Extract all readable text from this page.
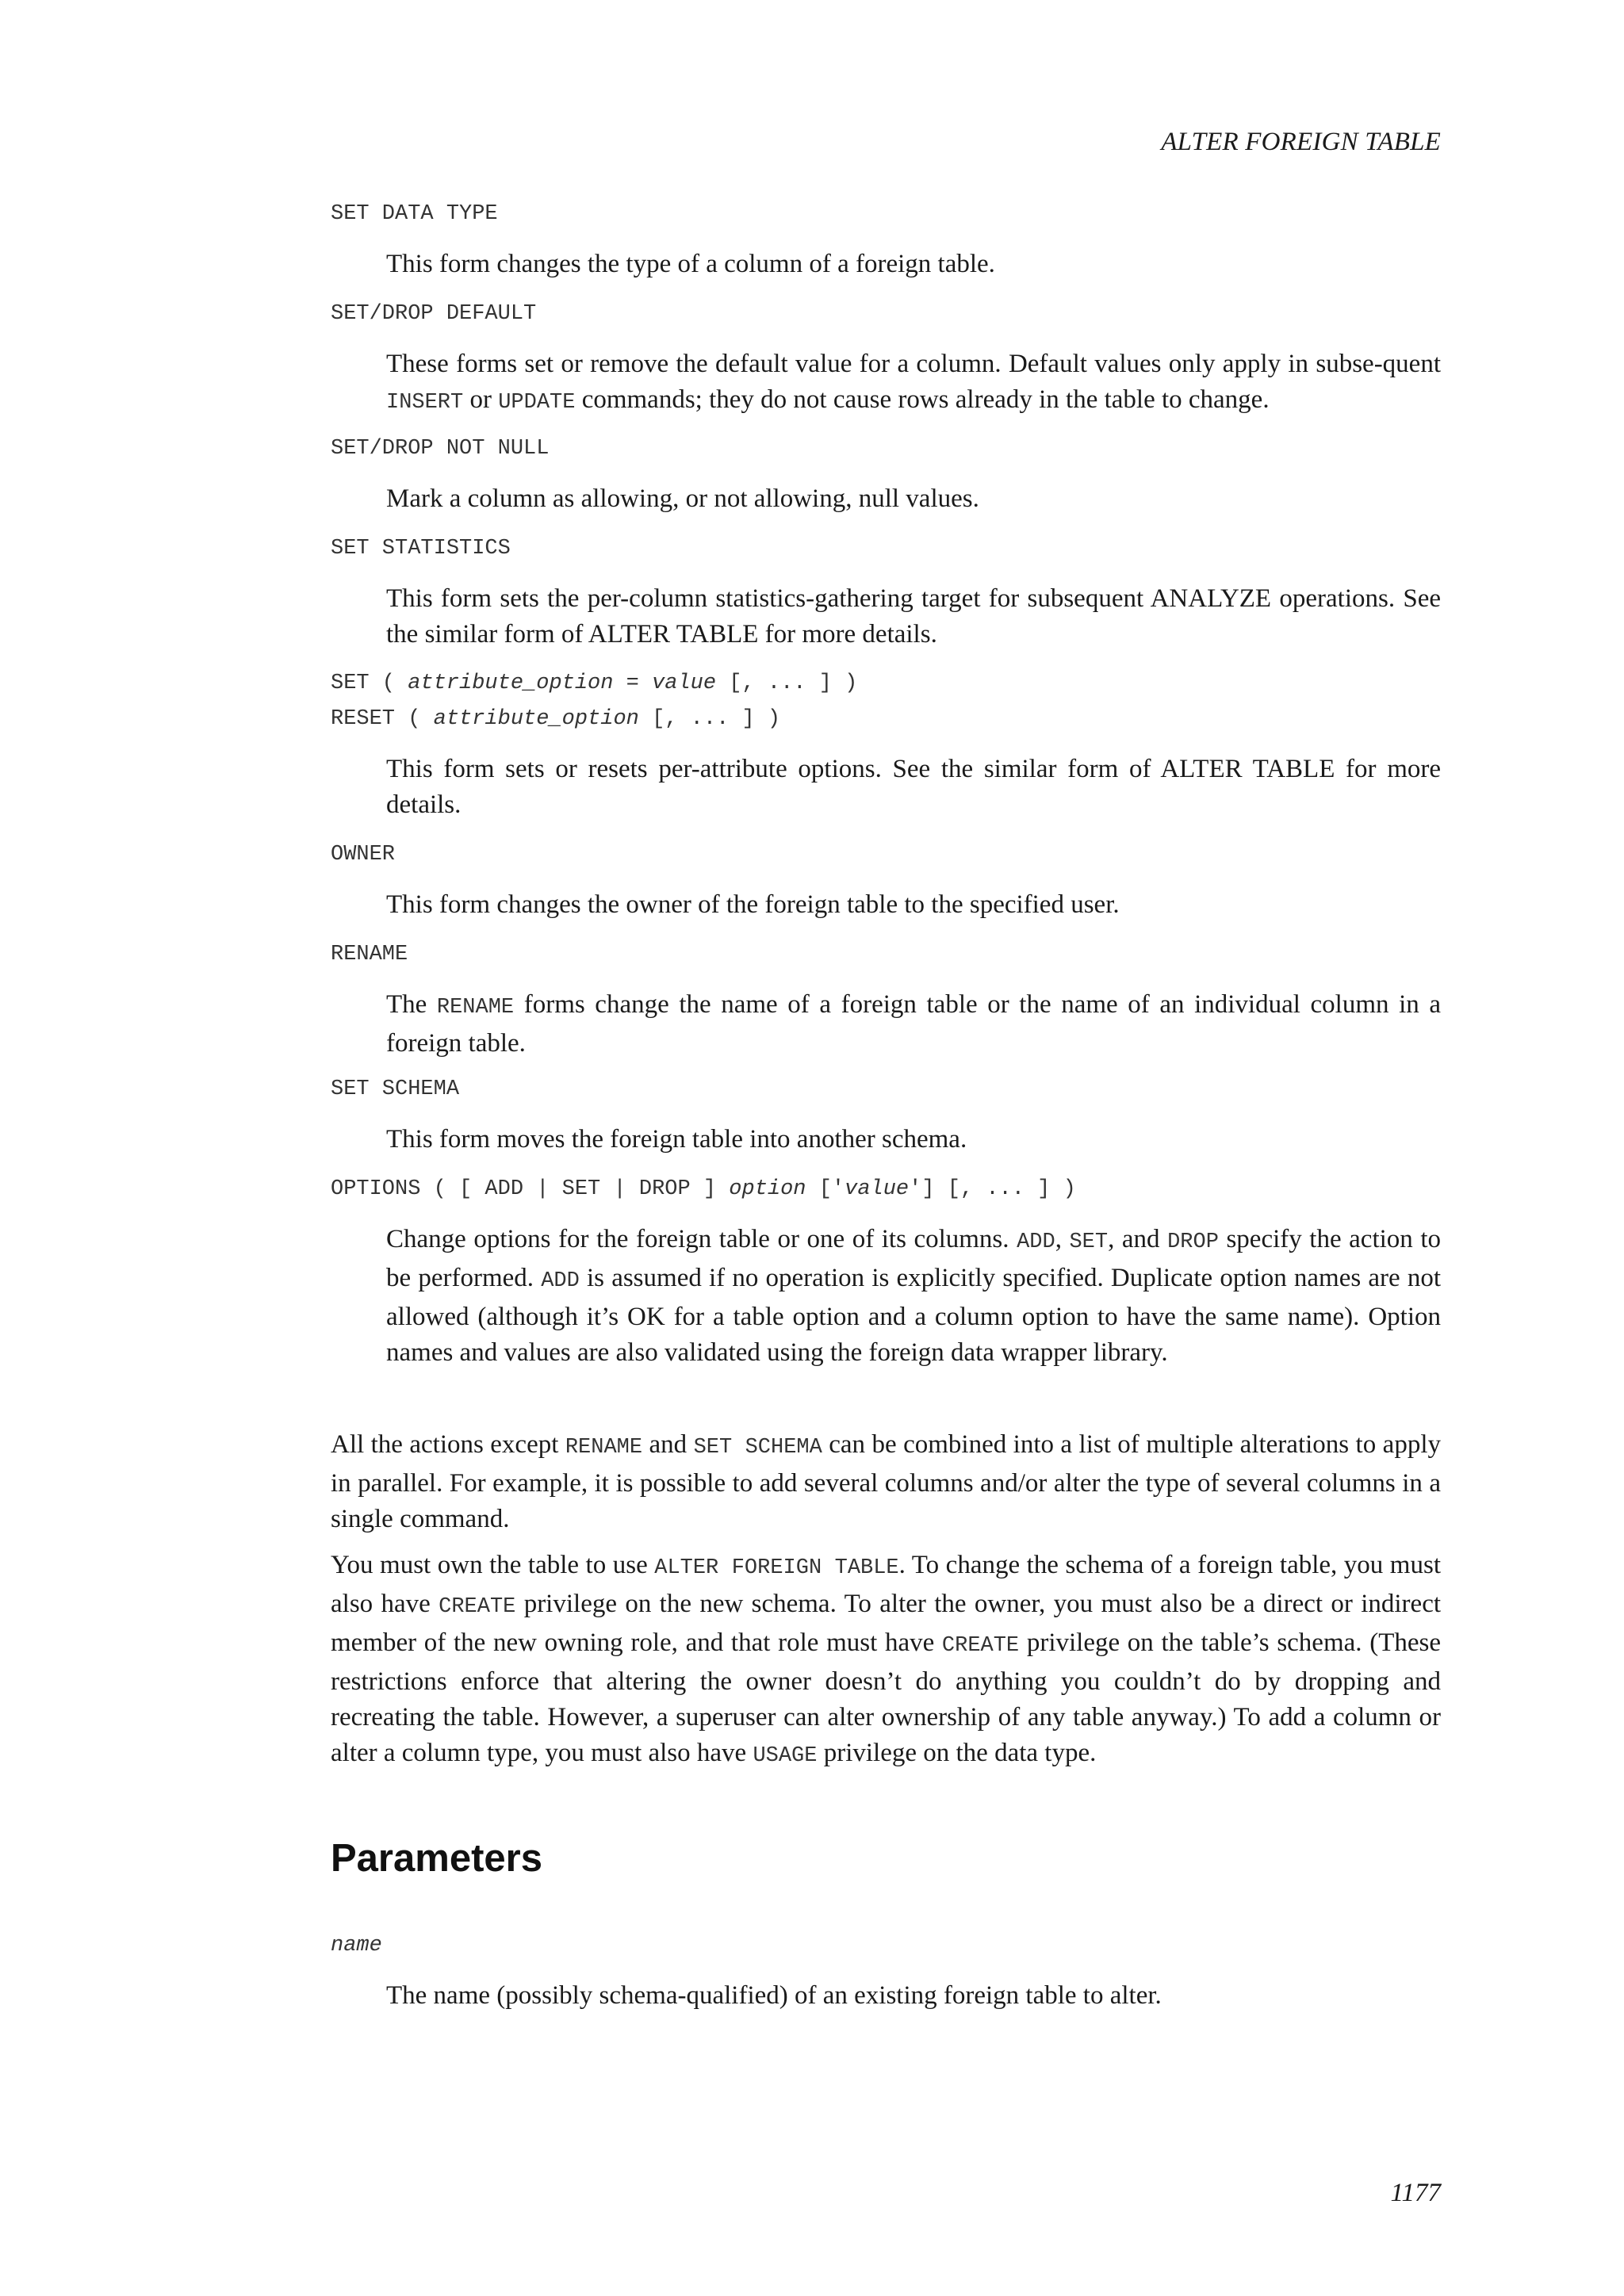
ALTER FOREIGN TABLE

SET DATA TYPE

This form changes the type of a column of a foreign table.

SET/DROP DEFAULT

These forms set or remove the default value for a column. Default values only apply in subse-quent INSERT or UPDATE commands; they do not cause rows already in the table to change.

SET/DROP NOT NULL

Mark a column as allowing, or not allowing, null values.

SET STATISTICS

This form sets the per-column statistics-gathering target for subsequent ANALYZE operations. See the similar form of ALTER TABLE for more details.

SET ( attribute_option = value [, ... ] )

RESET ( attribute_option [, ... ] )

This form sets or resets per-attribute options. See the similar form of ALTER TABLE for more details.

OWNER

This form changes the owner of the foreign table to the specified user.

RENAME

The RENAME forms change the name of a foreign table or the name of an individual column in a foreign table.

SET SCHEMA

This form moves the foreign table into another schema.

OPTIONS ( [ ADD | SET | DROP ] option ['value'] [, ... ] )

Change options for the foreign table or one of its columns. ADD, SET, and DROP specify the action to be performed. ADD is assumed if no operation is explicitly specified. Duplicate option names are not allowed (although it’s OK for a table option and a column option to have the same name). Option names and values are also validated using the foreign data wrapper library.

All the actions except RENAME and SET SCHEMA can be combined into a list of multiple alterations to apply in parallel. For example, it is possible to add several columns and/or alter the type of several columns in a single command.

You must own the table to use ALTER FOREIGN TABLE. To change the schema of a foreign table, you must also have CREATE privilege on the new schema. To alter the owner, you must also be a direct or indirect member of the new owning role, and that role must have CREATE privilege on the table’s schema. (These restrictions enforce that altering the owner doesn’t do anything you couldn’t do by dropping and recreating the table. However, a superuser can alter ownership of any table anyway.) To add a column or alter a column type, you must also have USAGE privilege on the data type.

Parameters

name

The name (possibly schema-qualified) of an existing foreign table to alter.

1177
